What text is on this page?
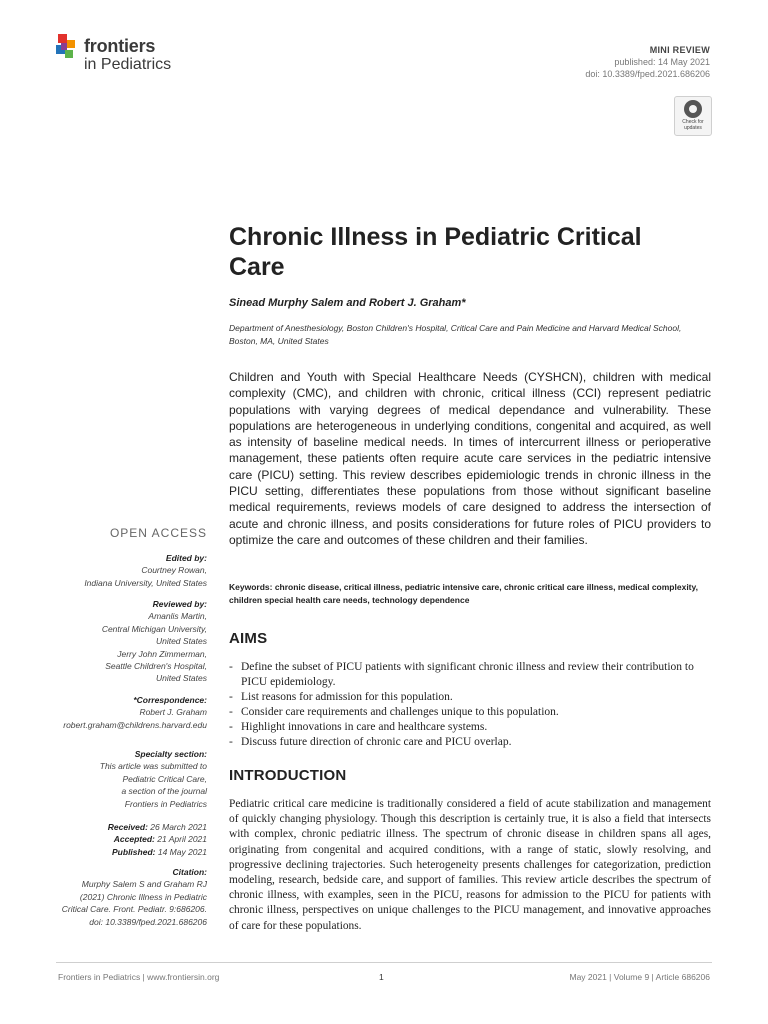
frontiers
in Pediatrics
MINI REVIEW
published: 14 May 2021
doi: 10.3389/fped.2021.686206
Check for updates
Chronic Illness in Pediatric Critical Care
Sinead Murphy Salem and Robert J. Graham*
Department of Anesthesiology, Boston Children's Hospital, Critical Care and Pain Medicine and Harvard Medical School, Boston, MA, United States
Children and Youth with Special Healthcare Needs (CYSHCN), children with medical complexity (CMC), and children with chronic, critical illness (CCI) represent pediatric populations with varying degrees of medical dependance and vulnerability. These populations are heterogeneous in underlying conditions, congenital and acquired, as well as intensity of baseline medical needs. In times of intercurrent illness or perioperative management, these patients often require acute care services in the pediatric intensive care (PICU) setting. This review describes epidemiologic trends in chronic illness in the PICU setting, differentiates these populations from those without significant baseline medical requirements, reviews models of care designed to address the intersection of acute and chronic illness, and posits considerations for future roles of PICU providers to optimize the care and outcomes of these children and their families.
Keywords: chronic disease, critical illness, pediatric intensive care, chronic critical care illness, medical complexity, children special health care needs, technology dependence
AIMS
- Define the subset of PICU patients with significant chronic illness and review their contribution to PICU epidemiology.
- List reasons for admission for this population.
- Consider care requirements and challenges unique to this population.
- Highlight innovations in care and healthcare systems.
- Discuss future direction of chronic care and PICU overlap.
INTRODUCTION

Pediatric critical care medicine is traditionally considered a field of acute stabilization and management of quickly changing physiology. Though this description is certainly true, it is also a field that intersects with complex, chronic pediatric illness. The spectrum of chronic disease in children spans all ages, originating from congenital and acquired conditions, with a range of static, slowly resolving, and progressive declining trajectories. Such heterogeneity presents challenges for categorization, prediction modeling, research, bedside care, and support of families. This review article describes the spectrum of chronic illness, with examples, seen in the PICU, reasons for admission to the PICU for patients with chronic illness, perspectives on unique challenges to the PICU management, and innovative approaches of care for these populations.

OPEN ACCESS
Edited by:
Courtney Rowan,
Indiana University, United States
Reviewed by:
Amanlis Martin,
Central Michigan University,
United States
Jerry John Zimmerman,
Seattle Children's Hospital,
United States
*Correspondence:
Robert J. Graham
robert.graham@childrens.harvard.edu
Specialty section:
This article was submitted to
Pediatric Critical Care,
a section of the journal
Frontiers in Pediatrics
Received: 26 March 2021
Accepted: 21 April 2021
Published: 14 May 2021
Citation:
Murphy Salem S and Graham RJ
(2021) Chronic Illness in Pediatric
Critical Care. Front. Pediatr. 9:686206.
doi: 10.3389/fped.2021.686206
Frontiers in Pediatrics | www.frontiersin.org	1	May 2021 | Volume 9 | Article 686206
